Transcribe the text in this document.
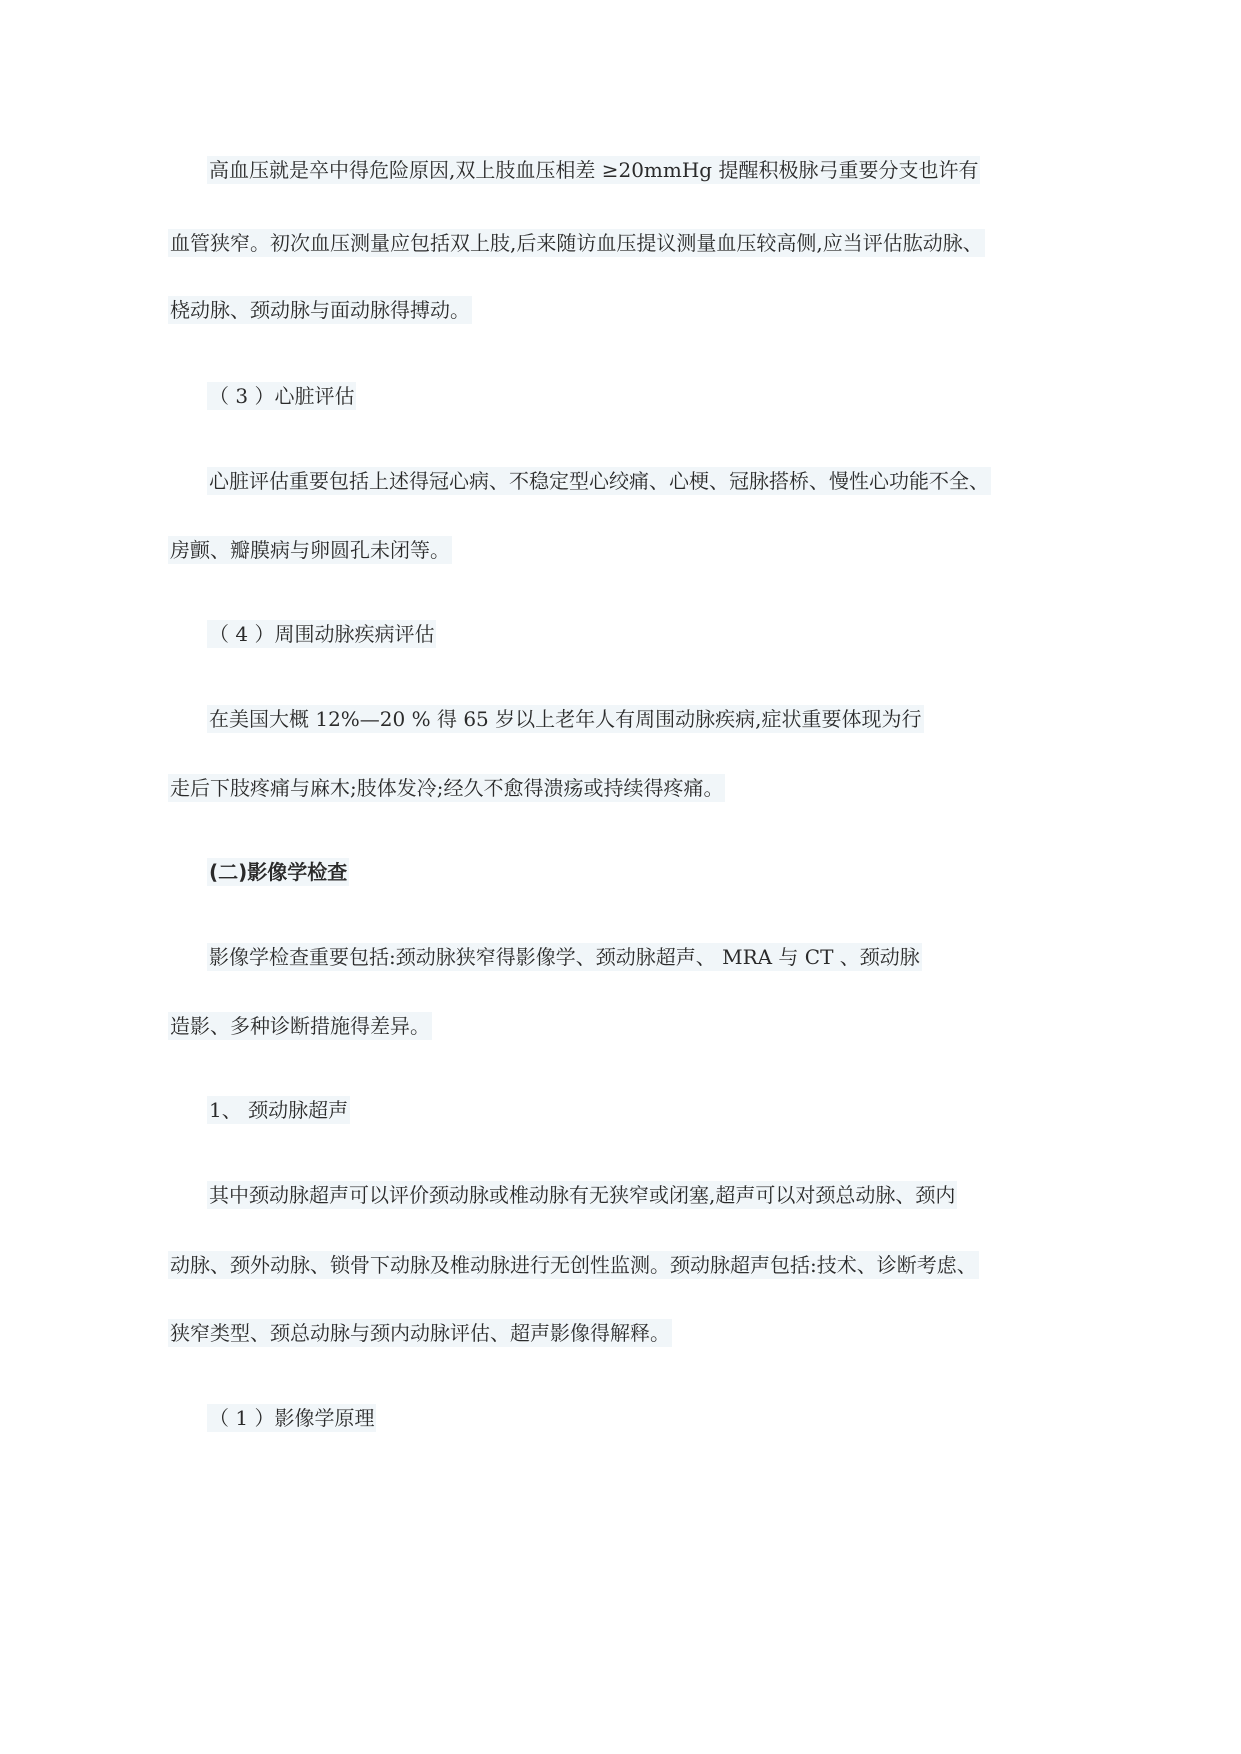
高血压就是卒中得危险原因,双上肢血压相差 ≥20mmHg 提醒积极脉弓重要分支也许有
血管狭窄。初次血压测量应包括双上肢,后来随访血压提议测量血压较高侧,应当评估肱动脉、
桡动脉、颈动脉与面动脉得搏动。
（ 3 ）心脏评估
心脏评估重要包括上述得冠心病、不稳定型心绞痛、心梗、冠脉搭桥、慢性心功能不全、
房颤、瓣膜病与卵圆孔未闭等。
（ 4 ）周围动脉疾病评估
在美国大概 12%—20 % 得 65 岁以上老年人有周围动脉疾病,症状重要体现为行
走后下肢疼痛与麻木;肢体发冷;经久不愈得溃疡或持续得疼痛。
(二)影像学检查
影像学检查重要包括:颈动脉狭窄得影像学、颈动脉超声、 MRA 与 CT 、颈动脉
造影、多种诊断措施得差异。
1、 颈动脉超声
其中颈动脉超声可以评价颈动脉或椎动脉有无狭窄或闭塞,超声可以对颈总动脉、颈内
动脉、颈外动脉、锁骨下动脉及椎动脉进行无创性监测。颈动脉超声包括:技术、诊断考虑、
狭窄类型、颈总动脉与颈内动脉评估、超声影像得解释。
（ 1 ）影像学原理
